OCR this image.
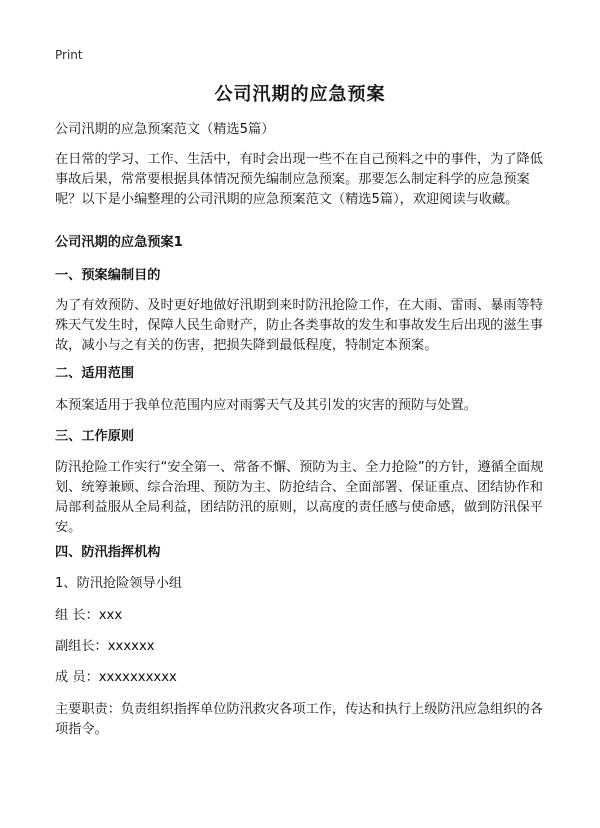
Print
公司汛期的应急预案

公司汛期的应急预案范文（精选5篇）

在日常的学习、工作、生活中，有时会出现一些不在自己预料之中的事件，为了降低事故后果，常常要根据具体情况预先编制应急预案。那要怎么制定科学的应急预案呢？以下是小编整理的公司汛期的应急预案范文（精选5篇），欢迎阅读与收藏。

公司汛期的应急预案1

一、预案编制目的

为了有效预防、及时更好地做好汛期到来时防汛抢险工作，在大雨、雷雨、暴雨等特殊天气发生时，保障人民生命财产，防止各类事故的发生和事故发生后出现的滋生事故，减小与之有关的伤害，把损失降到最低程度，特制定本预案。

二、适用范围

本预案适用于我单位范围内应对雨雾天气及其引发的灾害的预防与处置。

三、工作原则

防汛抢险工作实行“安全第一、常备不懈、预防为主、全力抢险”的方针，遵循全面规划、统筹兼顾、综合治理、预防为主、防抢结合、全面部署、保证重点、团结协作和局部利益服从全局利益，团结防汛的原则，以高度的责任感与使命感，做到防汛保平安。

四、防汛指挥机构

1、防汛抢险领导小组

组 长：xxx

副组长：xxxxxx

成 员：xxxxxxxxxx

主要职责：负责组织指挥单位防汛救灾各项工作，传达和执行上级防汛应急组织的各项指令。
